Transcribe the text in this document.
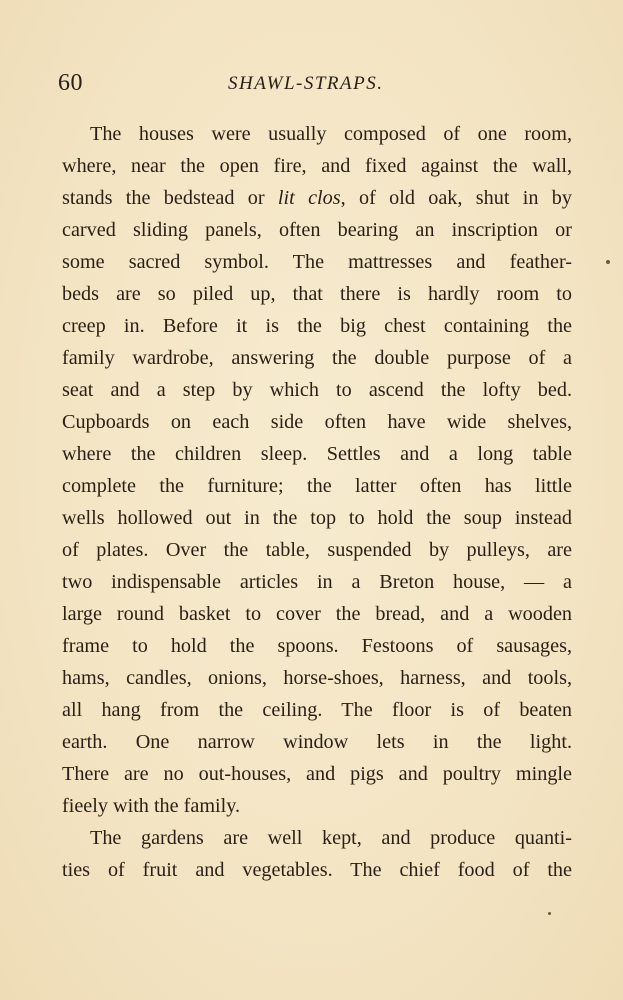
60	SHAWL-STRAPS.
The houses were usually composed of one room,
where, near the open fire, and fixed against the wall,
stands the bedstead or lit clos, of old oak, shut in by
carved sliding panels, often bearing an inscription or
some sacred symbol. The mattresses and feather-
beds are so piled up, that there is hardly room to
creep in. Before it is the big chest containing the
family wardrobe, answering the double purpose of a
seat and a step by which to ascend the lofty bed.
Cupboards on each side often have wide shelves,
where the children sleep. Settles and a long table
complete the furniture; the latter often has little
wells hollowed out in the top to hold the soup instead
of plates. Over the table, suspended by pulleys, are
two indispensable articles in a Breton house, — a
large round basket to cover the bread, and a wooden
frame to hold the spoons. Festoons of sausages,
hams, candles, onions, horse-shoes, harness, and tools,
all hang from the ceiling. The floor is of beaten
earth. One narrow window lets in the light.
There are no out-houses, and pigs and poultry mingle
fieely with the family.
The gardens are well kept, and produce quanti-
ties of fruit and vegetables. The chief food of the
